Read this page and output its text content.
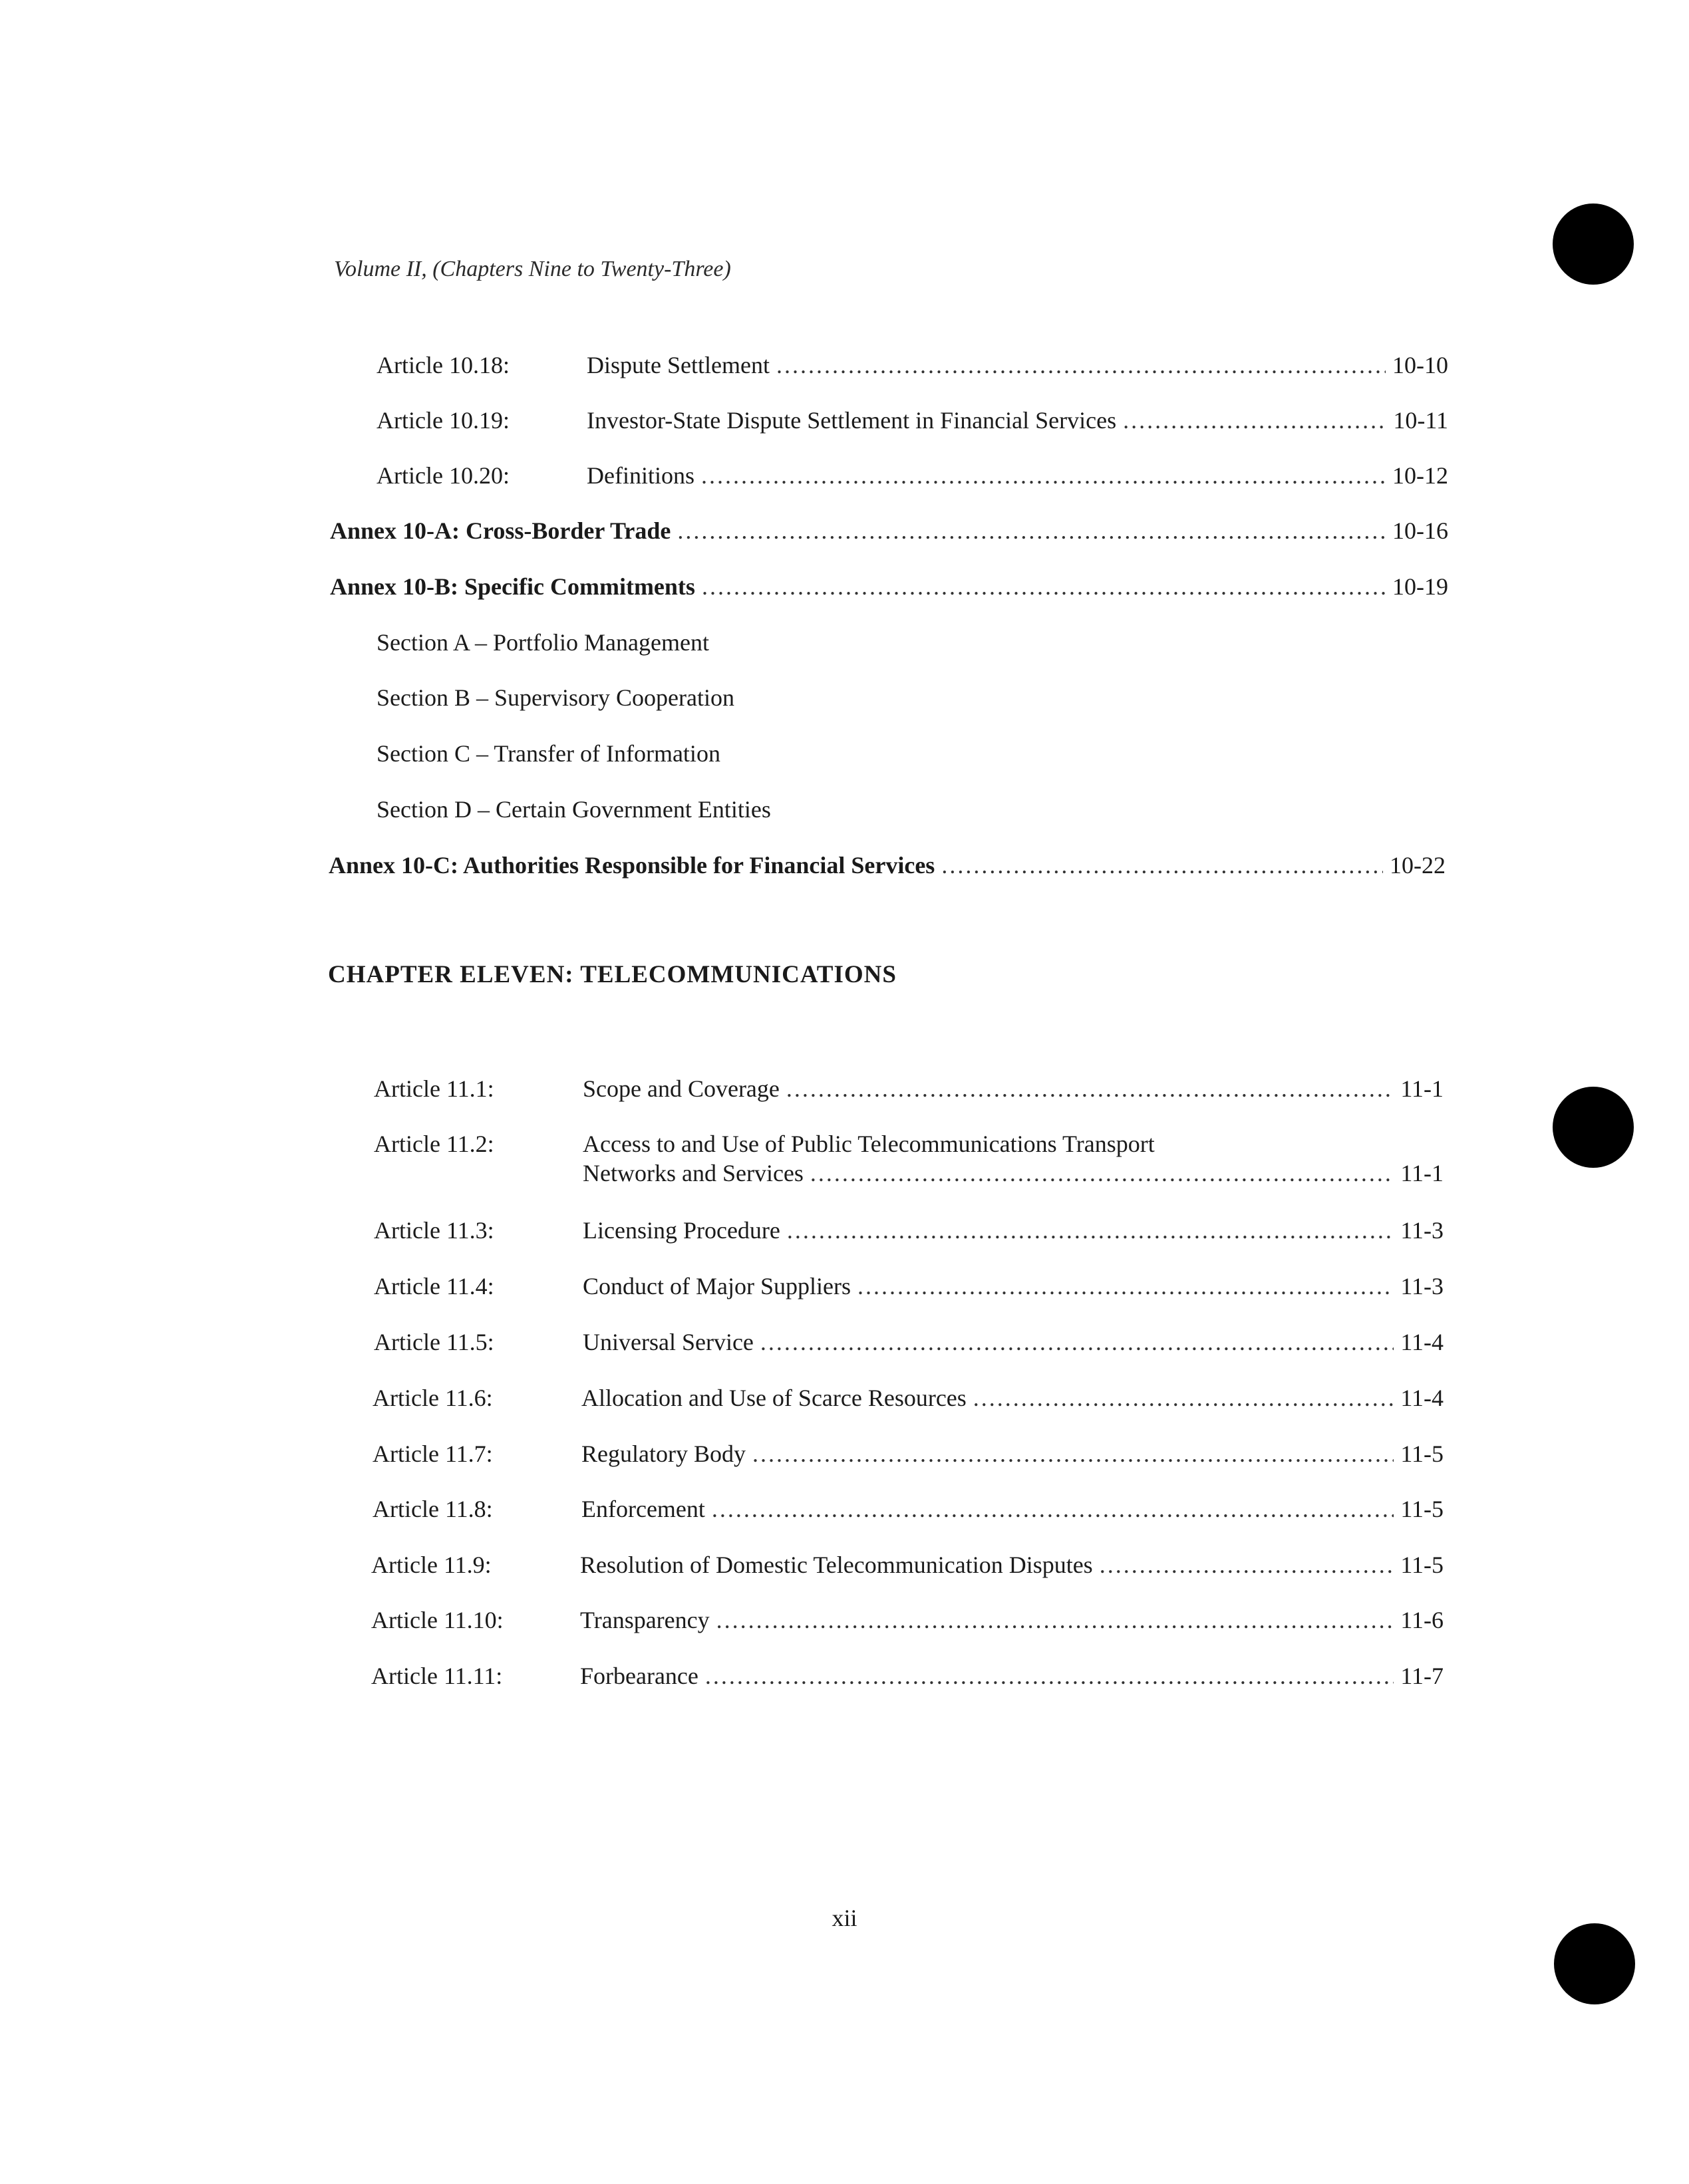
Volume II, (Chapters Nine to Twenty-Three)
Article 10.18:	Dispute Settlement .....	10-10
Article 10.19:	Investor-State Dispute Settlement in Financial Services .....	10-11
Article 10.20:	Definitions .....	10-12
Annex 10-A: Cross-Border Trade .....	10-16
Annex 10-B: Specific Commitments .....	10-19
Section A – Portfolio Management
Section B – Supervisory Cooperation
Section C – Transfer of Information
Section D – Certain Government Entities
Annex 10-C: Authorities Responsible for Financial Services .....	10-22
CHAPTER ELEVEN: TELECOMMUNICATIONS
Article 11.1:	Scope and Coverage .....	11-1
Article 11.2:	Access to and Use of Public Telecommunications Transport
Networks and Services .....	11-1
Article 11.3:	Licensing Procedure .....	11-3
Article 11.4:	Conduct of Major Suppliers .....	11-3
Article 11.5:	Universal Service .....	11-4
Article 11.6:	Allocation and Use of Scarce Resources .....	11-4
Article 11.7:	Regulatory Body .....	11-5
Article 11.8:	Enforcement .....	11-5
Article 11.9:	Resolution of Domestic Telecommunication Disputes .....	11-5
Article 11.10:	Transparency .....	11-6
Article 11.11:	Forbearance .....	11-7
xii
